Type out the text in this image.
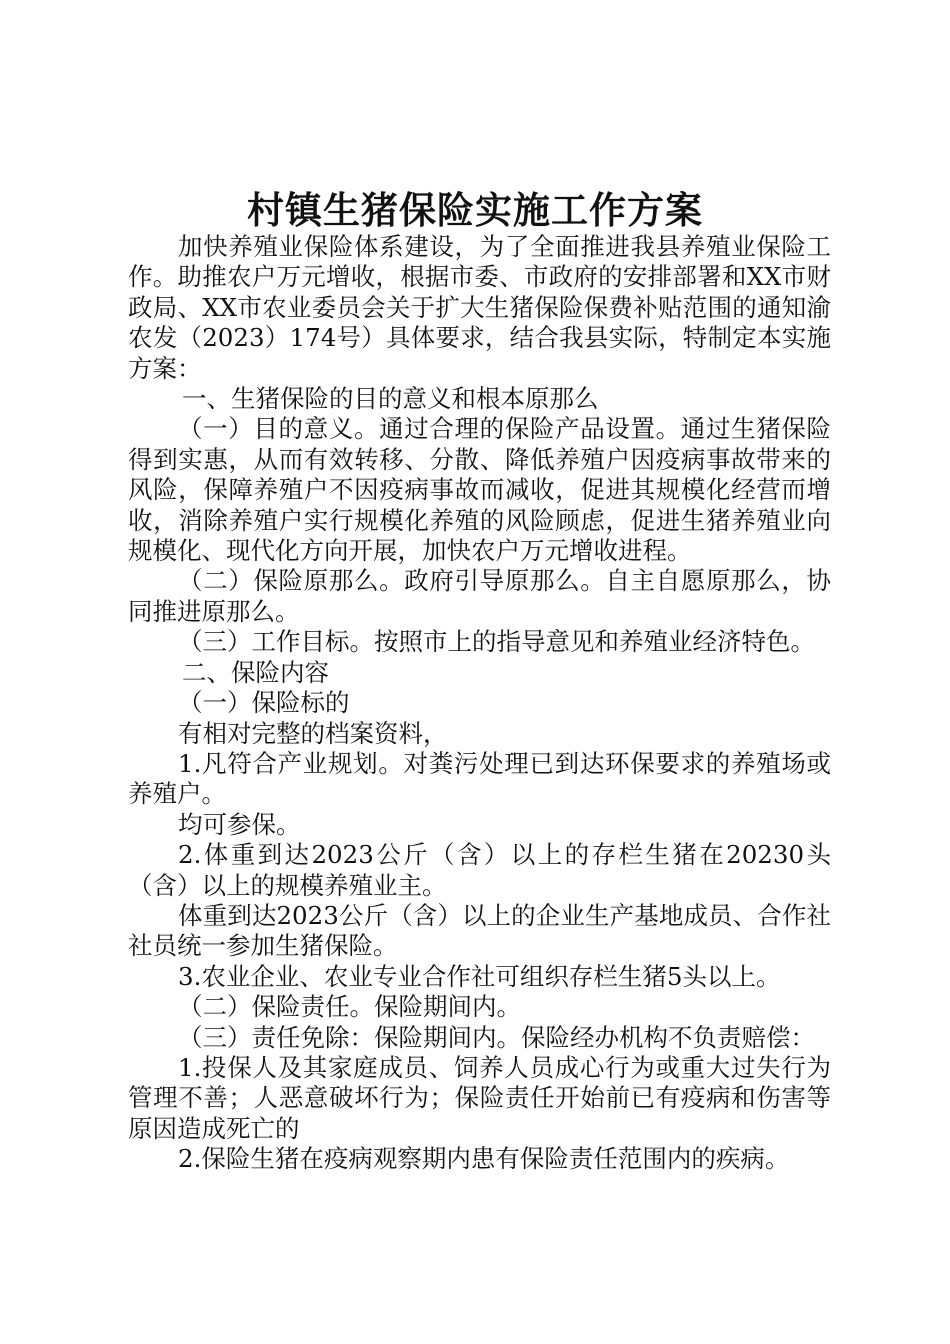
村镇生猪保险实施工作方案

加快养殖业保险体系建设，为了全面推进我县养殖业保险工作。助推农户万元增收，根据市委、市政府的安排部署和XX市财政局、XX市农业委员会关于扩大生猪保险保费补贴范围的通知渝农发（2023）174号）具体要求，结合我县实际，特制定本实施方案：

一、生猪保险的目的意义和根本原那么

（一）目的意义。通过合理的保险产品设置。通过生猪保险得到实惠，从而有效转移、分散、降低养殖户因疫病事故带来的风险，保障养殖户不因疫病事故而减收，促进其规模化经营而增收，消除养殖户实行规模化养殖的风险顾虑，促进生猪养殖业向规模化、现代化方向开展，加快农户万元增收进程。

（二）保险原那么。政府引导原那么。自主自愿原那么，协同推进原那么。

（三）工作目标。按照市上的指导意见和养殖业经济特色。

二、保险内容

（一）保险标的

有相对完整的档案资料，

1.凡符合产业规划。对粪污处理已到达环保要求的养殖场或养殖户。

均可参保。

2.体重到达2023公斤（含）以上的存栏生猪在20230头（含）以上的规模养殖业主。

体重到达2023公斤（含）以上的企业生产基地成员、合作社社员统一参加生猪保险。

3.农业企业、农业专业合作社可组织存栏生猪5头以上。

（二）保险责任。保险期间内。

（三）责任免除：保险期间内。保险经办机构不负责赔偿：

1.投保人及其家庭成员、饲养人员成心行为或重大过失行为管理不善；人恶意破坏行为；保险责任开始前已有疫病和伤害等原因造成死亡的

2.保险生猪在疫病观察期内患有保险责任范围内的疾病。
